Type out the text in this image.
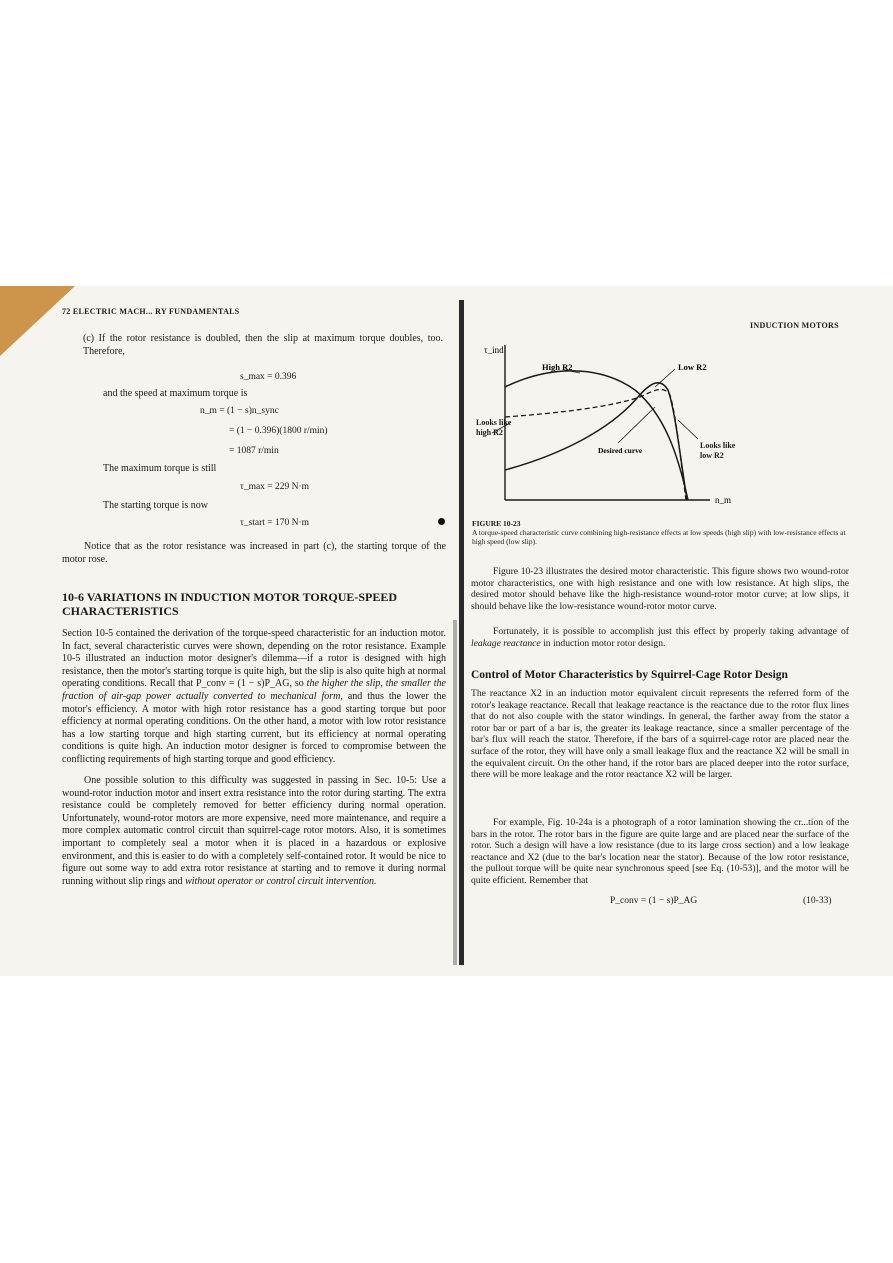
72 ELECTRIC MACH... RY FUNDAMENTALS
(c) If the rotor resistance is doubled, then the slip at maximum torque doubles, too. Therefore,
s_max = 0.396
and the speed at maximum torque is
n_m = (1 − s)n_sync
= (1 − 0.396)(1800 r/min)
= 1087 r/min
The maximum torque is still
τ_max = 229 N·m
The starting torque is now
τ_start = 170 N·m
Notice that as the rotor resistance was increased in part (c), the starting torque of the motor rose.
10-6 VARIATIONS IN INDUCTION MOTOR TORQUE-SPEED CHARACTERISTICS
Section 10-5 contained the derivation of the torque-speed characteristic for an induction motor. In fact, several characteristic curves were shown, depending on the rotor resistance. Example 10-5 illustrated an induction motor designer's dilemma—if a rotor is designed with high resistance, then the motor's starting torque is quite high, but the slip is also quite high at normal operating conditions. Recall that P_conv = (1 − s)P_AG, so the higher the slip, the smaller the fraction of air-gap power actually converted to mechanical form, and thus the lower the motor's efficiency. A motor with high rotor resistance has a good starting torque but poor efficiency at normal operating conditions. On the other hand, a motor with low rotor resistance has a low starting torque and high starting current, but its efficiency at normal operating conditions is quite high. An induction motor designer is forced to compromise between the conflicting requirements of high starting torque and good efficiency.
One possible solution to this difficulty was suggested in passing in Sec. 10-5: Use a wound-rotor induction motor and insert extra resistance into the rotor during starting. The extra resistance could be completely removed for better efficiency during normal operation. Unfortunately, wound-rotor motors are more expensive, need more maintenance, and require a more complex automatic control circuit than squirrel-cage rotor motors. Also, it is sometimes important to completely seal a motor when it is placed in a hazardous or explosive environment, and this is easier to do with a completely self-contained rotor. It would be nice to figure out some way to add extra rotor resistance at starting and to remove it during normal running without slip rings and without operator or control circuit intervention.
INDUCTION MOTORS
τ_ind
n_m
High R2	Low R2
Desired curve
Looks like high R2
Looks like low R2
FIGURE 10-23
A torque-speed characteristic curve combining high-resistance effects at low speeds (high slip) with low-resistance effects at high speed (low slip).
Figure 10-23 illustrates the desired motor characteristic. This figure shows two wound-rotor motor characteristics, one with high resistance and one with low resistance. At high slips, the desired motor should behave like the high-resistance wound-rotor motor curve; at low slips, it should behave like the low-resistance wound-rotor motor curve.
Fortunately, it is possible to accomplish just this effect by properly taking advantage of leakage reactance in induction motor rotor design.
Control of Motor Characteristics by Squirrel-Cage Rotor Design
The reactance X2 in an induction motor equivalent circuit represents the referred form of the rotor's leakage reactance. Recall that leakage reactance is the reactance due to the rotor flux lines that do not also couple with the stator windings. In general, the farther away from the stator a rotor bar or part of a bar is, the greater its leakage reactance, since a smaller percentage of the bar's flux will reach the stator. Therefore, if the bars of a squirrel-cage rotor are placed near the surface of the rotor, they will have only a small leakage flux and the reactance X2 will be small in the equivalent circuit. On the other hand, if the rotor bars are placed deeper into the rotor surface, there will be more leakage and the rotor reactance X2 will be larger.
For example, Fig. 10-24a is a photograph of a rotor lamination showing the cr...tion of the bars in the rotor. The rotor bars in the figure are quite large and are placed near the surface of the rotor. Such a design will have a low resistance (due to its large cross section) and a low leakage reactance and X2 (due to the bar's location near the stator). Because of the low rotor resistance, the pullout torque will be quite near synchronous speed [see Eq. (10-53)], and the motor will be quite efficient. Remember that
P_conv = (1 − s)P_AG	(10-33)
